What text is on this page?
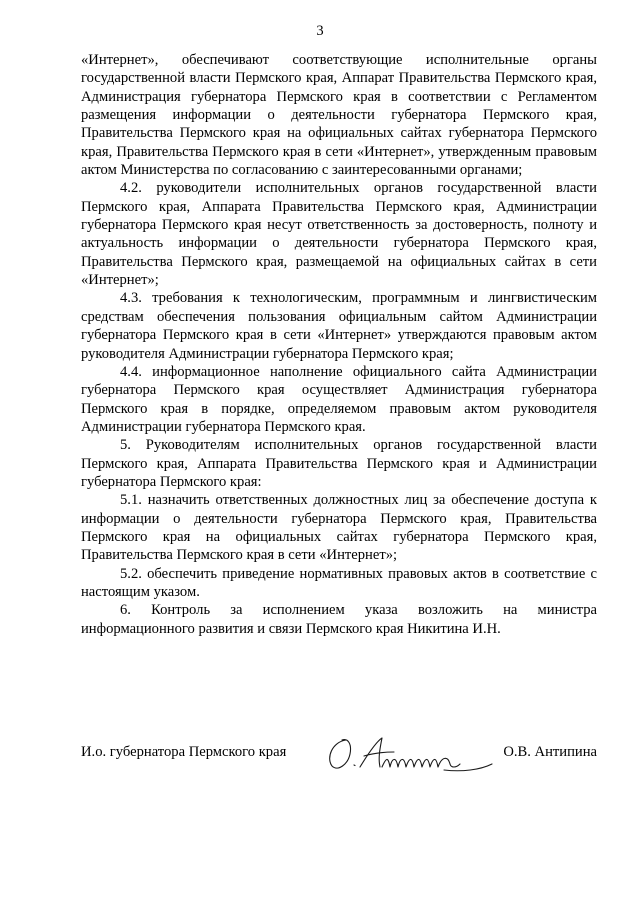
3

«Интернет», обеспечивают соответствующие исполнительные органы государственной власти Пермского края, Аппарат Правительства Пермского края, Администрация губернатора Пермского края в соответствии с Регламентом размещения информации о деятельности губернатора Пермского края, Правительства Пермского края на официальных сайтах губернатора Пермского края, Правительства Пермского края в сети «Интернет», утвержденным правовым актом Министерства по согласованию с заинтересованными органами;

4.2. руководители исполнительных органов государственной власти Пермского края, Аппарата Правительства Пермского края, Администрации губернатора Пермского края несут ответственность за достоверность, полноту и актуальность информации о деятельности губернатора Пермского края, Правительства Пермского края, размещаемой на официальных сайтах в сети «Интернет»;

4.3. требования к технологическим, программным и лингвистическим средствам обеспечения пользования официальным сайтом Администрации губернатора Пермского края в сети «Интернет» утверждаются правовым актом руководителя Администрации губернатора Пермского края;

4.4. информационное наполнение официального сайта Администрации губернатора Пермского края осуществляет Администрация губернатора Пермского края в порядке, определяемом правовым актом руководителя Администрации губернатора Пермского края.

5. Руководителям исполнительных органов государственной власти Пермского края, Аппарата Правительства Пермского края и Администрации губернатора Пермского края:

5.1. назначить ответственных должностных лиц за обеспечение доступа к информации о деятельности губернатора Пермского края, Правительства Пермского края на официальных сайтах губернатора Пермского края, Правительства Пермского края в сети «Интернет»;

5.2. обеспечить приведение нормативных правовых актов в соответствие с настоящим указом.

6. Контроль за исполнением указа возложить на министра информационного развития и связи Пермского края Никитина И.Н.

И.о. губернатора Пермского края	О.В. Антипина
